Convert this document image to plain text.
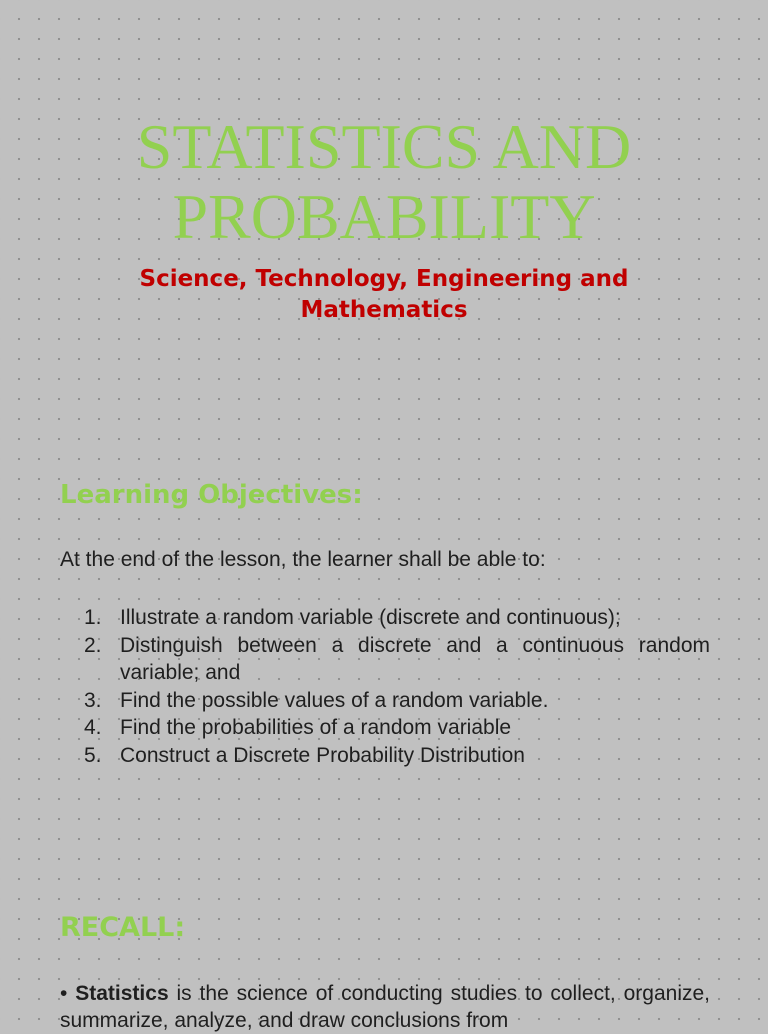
STATISTICS AND
PROBABILITY

Science, Technology, Engineering and
Mathematics

Learning Objectives:

At the end of the lesson, the learner shall be able to:

1. Illustrate a random variable (discrete and continuous);
2. Distinguish between a discrete and a continuous random variable; and
3. Find the possible values of a random variable.
4. Find the probabilities of a random variable
5. Construct a Discrete Probability Distribution
RECALL:

• Statistics is the science of conducting studies to collect, organize, summarize, analyze, and draw conclusions from
